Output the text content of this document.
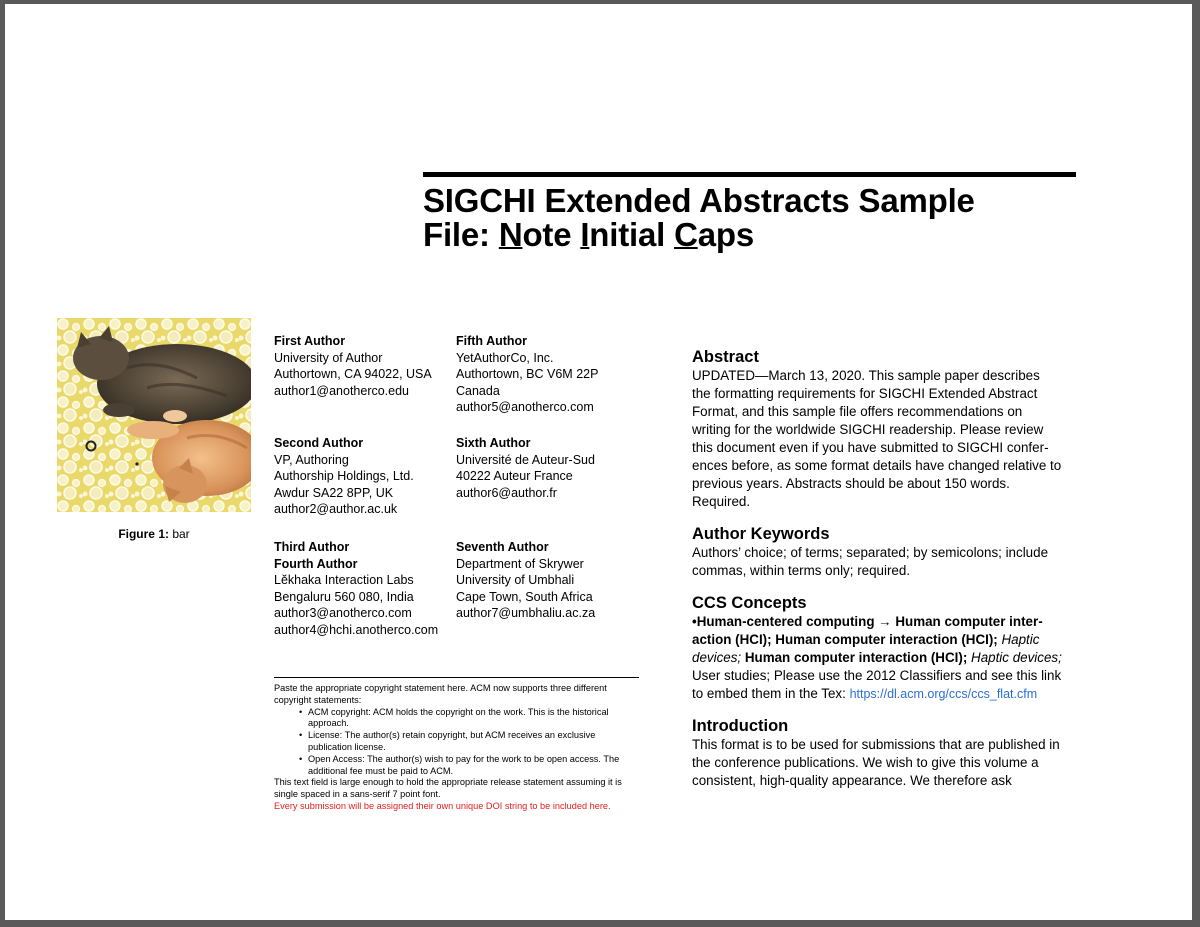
SIGCHI Extended Abstracts Sample
File: Note Initial Caps
Figure 1: bar
First Author
University of Author
Authortown, CA 94022, USA
author1@anotherco.edu
Fifth Author
YetAuthorCo, Inc.
Authortown, BC V6M 22P
Canada
author5@anotherco.com
Second Author
VP, Authoring
Authorship Holdings, Ltd.
Awdur SA22 8PP, UK
author2@author.ac.uk
Sixth Author
Université de Auteur-Sud
40222 Auteur France
author6@author.fr
Third Author
Fourth Author
Lĕkhaka Interaction Labs
Bengaluru 560 080, India
author3@anotherco.com
author4@hchi.anotherco.com
Seventh Author
Department of Skrywer
University of Umbhali
Cape Town, South Africa
author7@umbhaliu.ac.za
Paste the appropriate copyright statement here. ACM now supports three different copyright statements:
• ACM copyright: ACM holds the copyright on the work. This is the historical approach.
• License: The author(s) retain copyright, but ACM receives an exclusive publication license.
• Open Access: The author(s) wish to pay for the work to be open access. The additional fee must be paid to ACM.
This text field is large enough to hold the appropriate release statement assuming it is single spaced in a sans-serif 7 point font.
Every submission will be assigned their own unique DOI string to be included here.
Abstract

UPDATED—March 13, 2020. This sample paper describes the formatting requirements for SIGCHI Extended Abstract Format, and this sample file offers recommendations on writing for the worldwide SIGCHI readership. Please review this document even if you have submitted to SIGCHI conferences before, as some format details have changed relative to previous years. Abstracts should be about 150 words. Required.

Author Keywords

Authors’ choice; of terms; separated; by semicolons; include commas, within terms only; required.

CCS Concepts

•Human-centered computing → Human computer interaction (HCI); Human computer interaction (HCI); Haptic devices; Human computer interaction (HCI); Haptic devices; User studies; Please use the 2012 Classifiers and see this link to embed them in the Tex: https://dl.acm.org/ccs/ccs_flat.cfm

Introduction

This format is to be used for submissions that are published in the conference publications. We wish to give this volume a consistent, high-quality appearance. We therefore ask
